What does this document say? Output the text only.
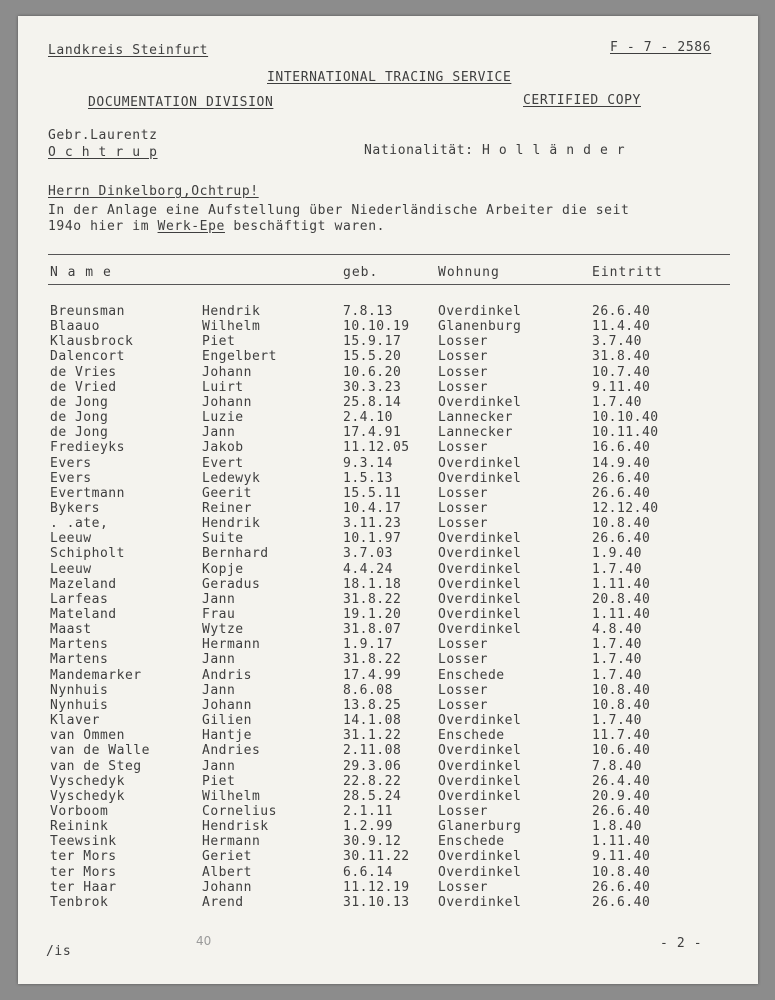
Landkreis Steinfurt	F - 7 - 2586
INTERNATIONAL TRACING SERVICE
DOCUMENTATION DIVISION	CERTIFIED COPY
Gebr.Laurentz
O c h t r u p	Nationalität: H o l l ä n d e r
Herrn Dinkelborg,Ochtrup!
In der Anlage eine Aufstellung über Niederländische Arbeiter die seit
194o hier im Werk-Epe beschäftigt waren.
N a m e	geb.	Wohnung	Eintritt
Breunsman	Hendrik	7.8.13	Overdinkel	26.6.40
Blaauo	Wilhelm	10.10.19 Glanenburg	11.4.40
Klausbrock	Piet	15.9.17	Losser	3.7.40
Dalencort	Engelbert	15.5.20	Losser	31.8.40
de Vries	Johann	10.6.20	Losser	10.7.40
de Vried	Luirt	30.3.23	Losser	9.11.40
de Jong	Johann	25.8.14	Overdinkel	1.7.40
de Jong	Luzie	2.4.10	Lannecker	10.10.40
de Jong	Jann	17.4.91	Lannecker	10.11.40
Fredieyks	Jakob	11.12.05 Losser	16.6.40
Evers	Evert	9.3.14	Overdinkel	14.9.40
Evers	Ledewyk	1.5.13	Overdinkel	26.6.40
Evertmann	Geerit	15.5.11	Losser	26.6.40
Bykers	Reiner	10.4.17	Losser	12.12.40
. .ate,	Hendrik	3.11.23	Losser	10.8.40
Leeuw	Suite	10.1.97	Overdinkel	26.6.40
Schipholt	Bernhard	3.7.03	Overdinkel	1.9.40
Leeuw	Kopje	4.4.24	Overdinkel	1.7.40
Mazeland	Geradus	18.1.18	Overdinkel	1.11.40
Larfeas	Jann	31.8.22	Overdinkel	20.8.40
Mateland	Frau	19.1.20	Overdinkel	1.11.40
Maast	Wytze	31.8.07	Overdinkel	4.8.40
Martens	Hermann	1.9.17	Losser	1.7.40
Martens	Jann	31.8.22	Losser	1.7.40
Mandemarker	Andris	17.4.99	Enschede	1.7.40
Nynhuis	Jann	8.6.08	Losser	10.8.40
Nynhuis	Johann	13.8.25	Losser	10.8.40
Klaver	Gilien	14.1.08	Overdinkel	1.7.40
van Ommen	Hantje	31.1.22	Enschede	11.7.40
van de Walle	Andries	2.11.08	Overdinkel	10.6.40
van de Steg	Jann	29.3.06	Overdinkel	7.8.40
Vyschedyk	Piet	22.8.22	Overdinkel	26.4.40
Vyschedyk	Wilhelm	28.5.24	Overdinkel	20.9.40
Vorboom	Cornelius	2.1.11	Losser	26.6.40
Reinink	Hendrisk	1.2.99	Glanerburg	1.8.40
Teewsink	Hermann	30.9.12	Enschede	1.11.40
ter Mors	Geriet	30.11.22 Overdinkel	9.11.40
ter Mors	Albert	6.6.14	Overdinkel	10.8.40
ter Haar	Johann	11.12.19 Losser	26.6.40
Tenbrok	Arend	31.10.13 Overdinkel	26.6.40
/is
40	- 2 -
